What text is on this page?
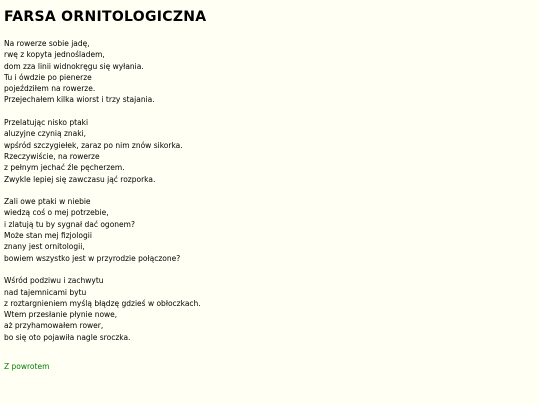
FARSA ORNITOLOGICZNA

Na rowerze sobie jadę,
rwę z kopyta jednośladem,
dom zza linii widnokręgu się wyłania.
Tu i ówdzie po pienerze
pojeździłem na rowerze.
Przejechałem kilka wiorst i trzy stajania.

Przelatując nisko ptaki
aluzyjne czynią znaki,
wpśród szczygiełek, zaraz po nim znów sikorka.
Rzeczywiście, na rowerze
z pełnym jechać źle pęcherzem.
Zwykle lepiej się zawczasu jąć rozporka.

Zali owe ptaki w niebie
wiedzą coś o mej potrzebie,
i zlatują tu by sygnał dać ogonem?
Może stan mej fizjologii
znany jest ornitologii,
bowiem wszystko jest w przyrodzie połączone?

Wśród podziwu i zachwytu
nad tajemnicami bytu
z roztargnieniem myślą błądzę gdzieś w obłoczkach.
Wtem przesłanie płynie nowe,
aż przyhamowałem rower,
bo się oto pojawiła nagle sroczka.

Z powrotem
